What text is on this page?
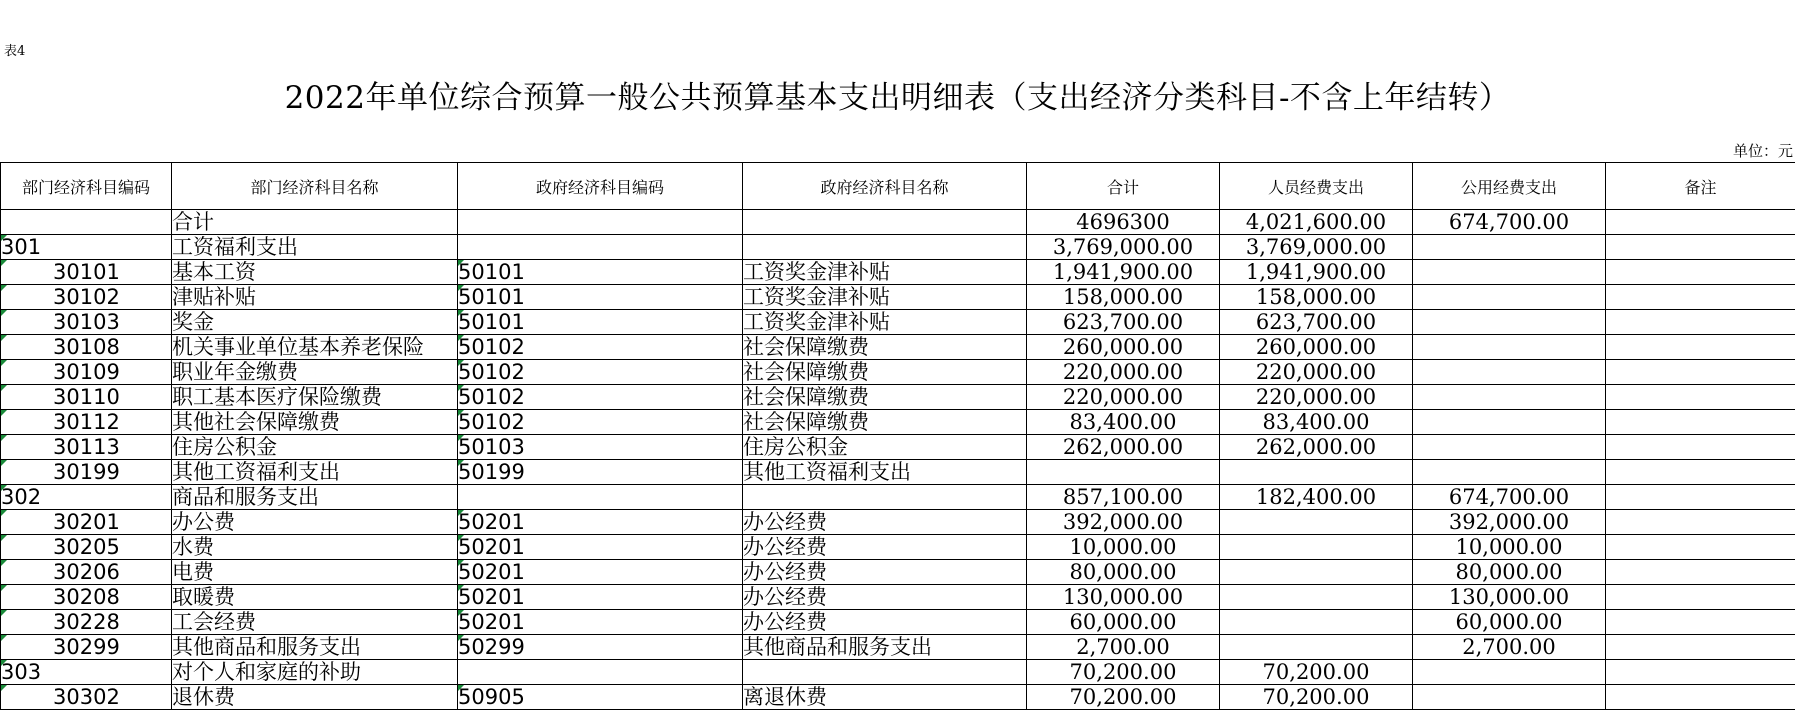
表4
2022年单位综合预算一般公共预算基本支出明细表（支出经济分类科目-不含上年结转）
单位：元
部门经济科目编码	部门经济科目名称	政府经济科目编码	政府经济科目名称	合计	人员经费支出	公用经费支出	备注
	合计			4696300	4,021,600.00	674,700.00	
301	工资福利支出			3,769,000.00	3,769,000.00		
30101	基本工资	50101	工资奖金津补贴	1,941,900.00	1,941,900.00		
30102	津贴补贴	50101	工资奖金津补贴	158,000.00	158,000.00		
30103	奖金	50101	工资奖金津补贴	623,700.00	623,700.00		
30108	机关事业单位基本养老保险	50102	社会保障缴费	260,000.00	260,000.00		
30109	职业年金缴费	50102	社会保障缴费	220,000.00	220,000.00		
30110	职工基本医疗保险缴费	50102	社会保障缴费	220,000.00	220,000.00		
30112	其他社会保障缴费	50102	社会保障缴费	83,400.00	83,400.00		
30113	住房公积金	50103	住房公积金	262,000.00	262,000.00		
30199	其他工资福利支出	50199	其他工资福利支出				
302	商品和服务支出			857,100.00	182,400.00	674,700.00	
30201	办公费	50201	办公经费	392,000.00		392,000.00	
30205	水费	50201	办公经费	10,000.00		10,000.00	
30206	电费	50201	办公经费	80,000.00		80,000.00	
30208	取暖费	50201	办公经费	130,000.00		130,000.00	
30228	工会经费	50201	办公经费	60,000.00		60,000.00	
30299	其他商品和服务支出	50299	其他商品和服务支出	2,700.00		2,700.00	
303	对个人和家庭的补助			70,200.00	70,200.00		
30302	退休费	50905	离退休费	70,200.00	70,200.00		
